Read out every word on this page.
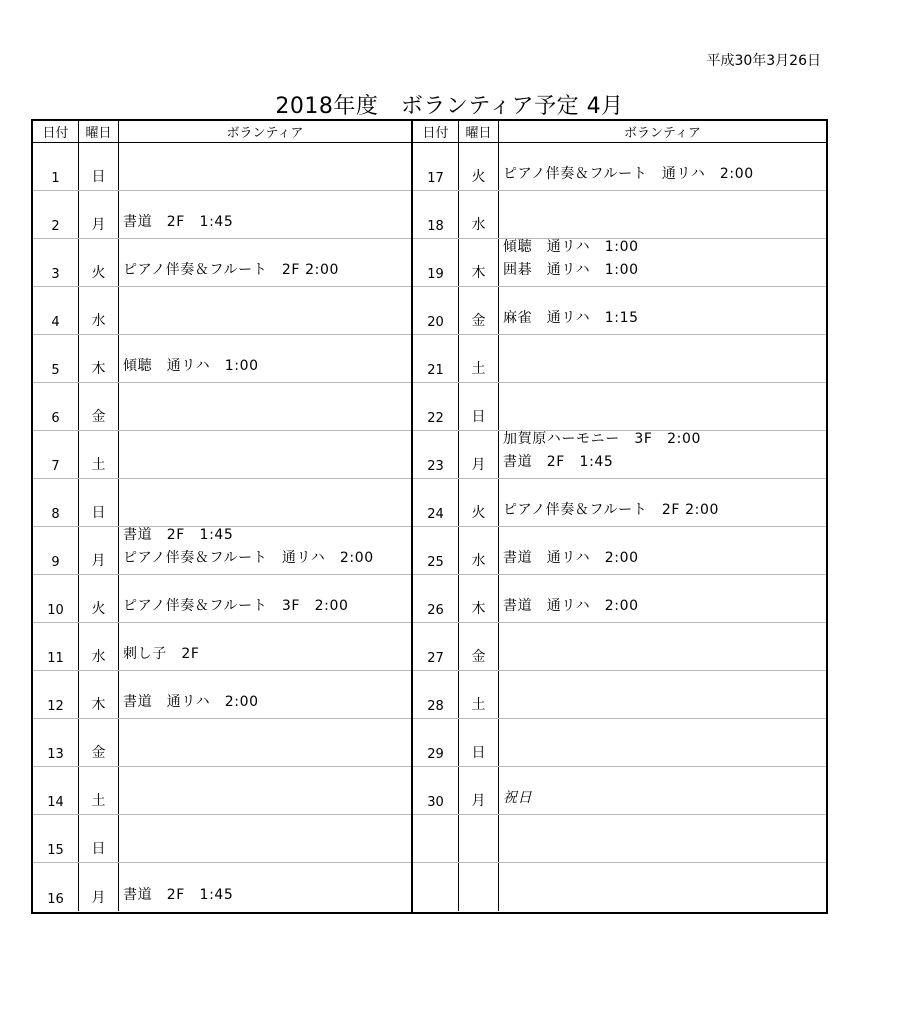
平成30年3月26日
2018年度　ボランティア予定 4月
日付	曜日	ボランティア
1	日
2	月	書道　2F　1:45
3	火	ピアノ伴奏＆フルート　2F 2:00
4	水
5	木	傾聴　通リハ　1:00
6	金
7	土
8	日
9	月
書道　2F　1:45
ピアノ伴奏＆フルート　通リハ　2:00
10	火	ピアノ伴奏＆フルート　3F　2:00
11	水	刺し子　2F
12	木	書道　通リハ　2:00
13	金
14	土
15	日
16	月	書道　2F　1:45
日付	曜日	ボランティア
17	火	ピアノ伴奏＆フルート　通リハ　2:00
18	水
19	木
傾聴　通リハ　1:00
囲碁　通リハ　1:00
20	金	麻雀　通リハ　1:15
21	土
22	日
23	月
加賀原ハーモニー　3F　2:00
書道　2F　1:45
24	火	ピアノ伴奏＆フルート　2F 2:00
25	水	書道　通リハ　2:00
26	木	書道　通リハ　2:00
27	金
28	土
29	日
30	月	祝日
